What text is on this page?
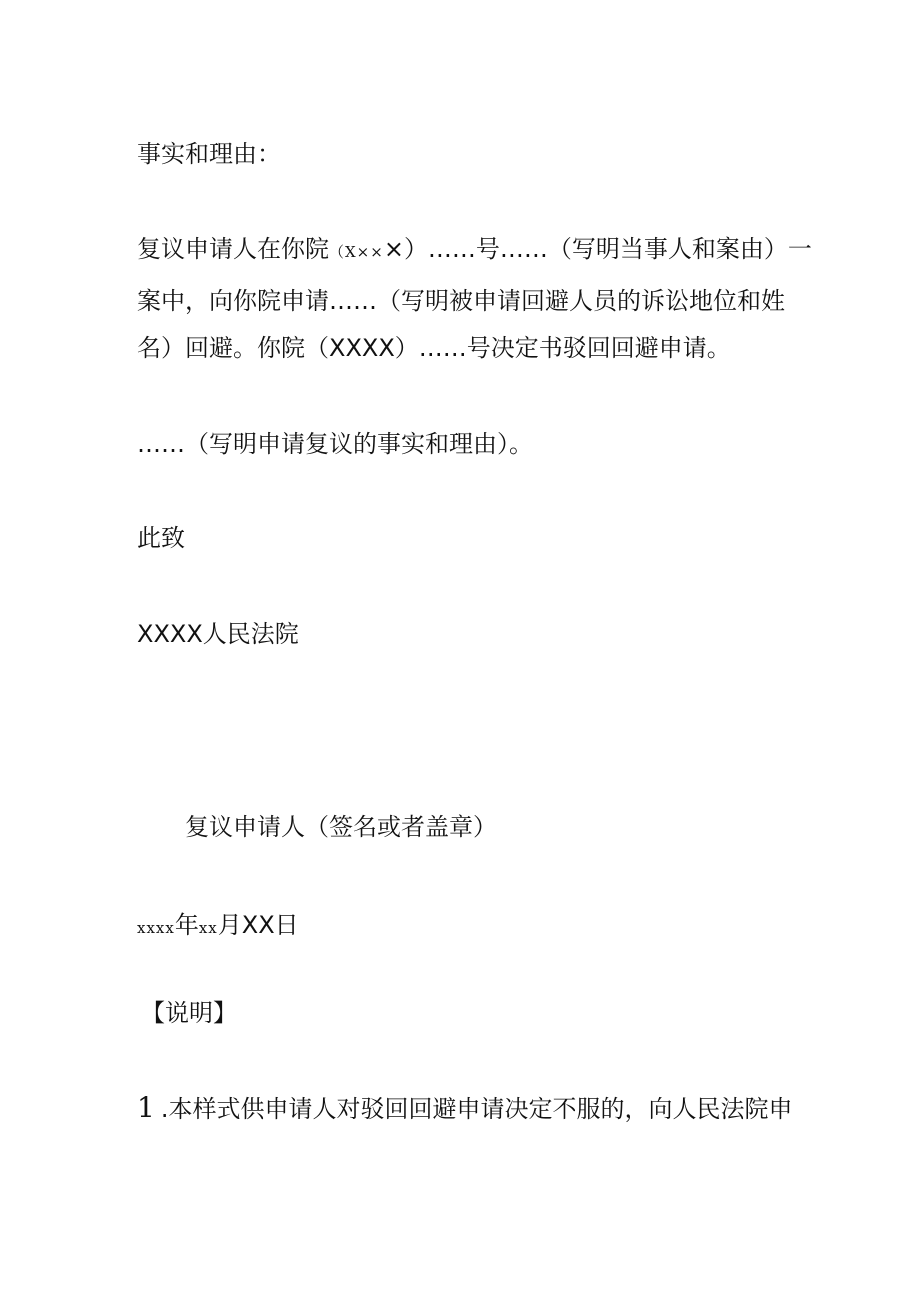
事实和理由：
复议申请人在你院（X×××）……号……（写明当事人和案由）一
案中，向你院申请……（写明被申请回避人员的诉讼地位和姓
名）回避。你院（XXXX）……号决定书驳回回避申请。
……（写明申请复议的事实和理由）。
此致
XXXX人民法院
复议申请人（签名或者盖章）
xxxx年xx月XX日
【说明】
1.本样式供申请人对驳回回避申请决定不服的，向人民法院申
